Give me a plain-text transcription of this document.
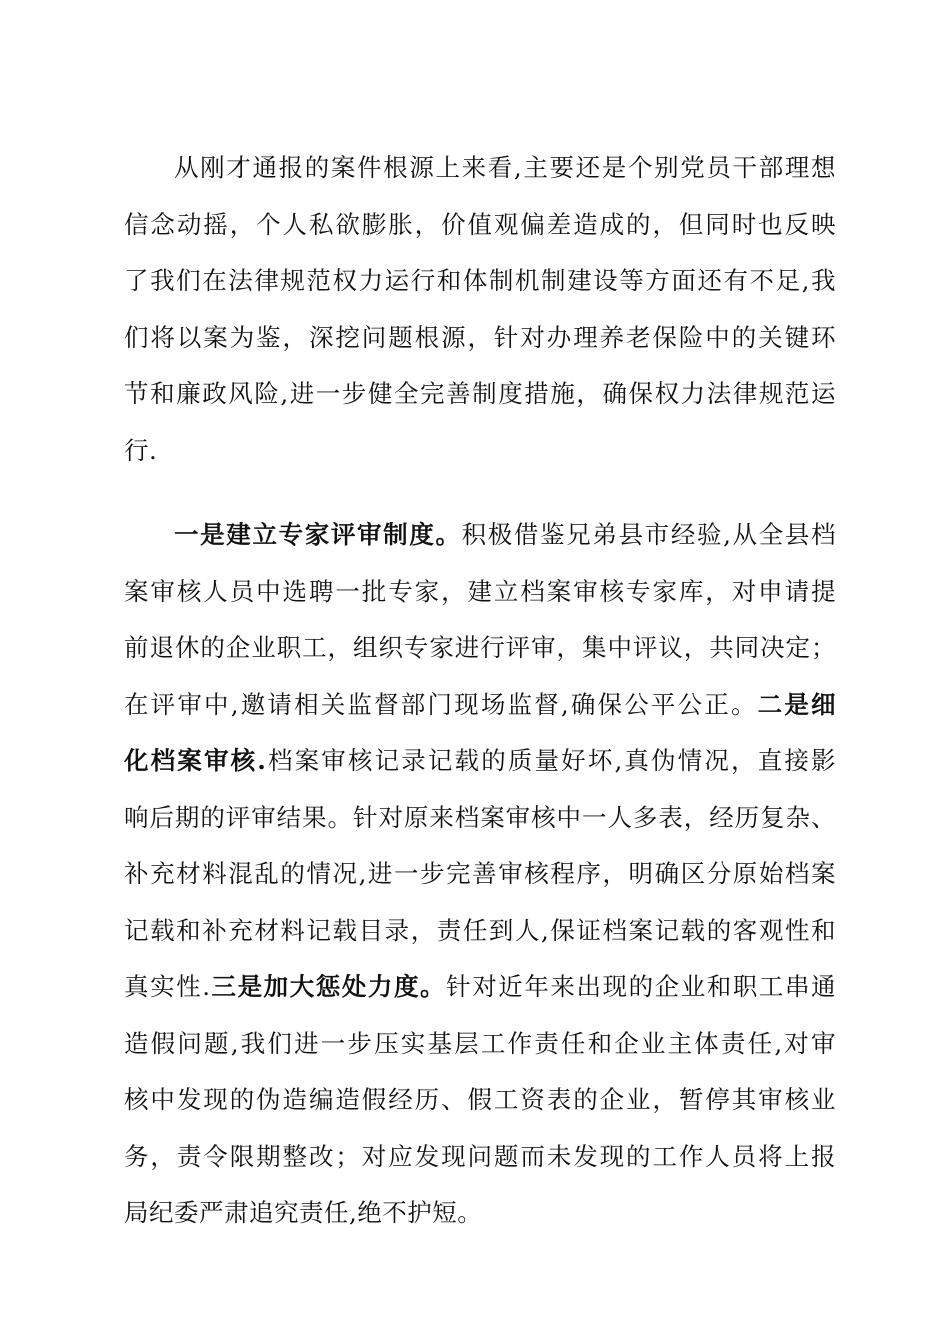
从刚才通报的案件根源上来看,主要还是个别党员干部理想
信念动摇，个人私欲膨胀，价值观偏差造成的，但同时也反映
了我们在法律规范权力运行和体制机制建设等方面还有不足,我
们将以案为鉴，深挖问题根源，针对办理养老保险中的关键环
节和廉政风险,进一步健全完善制度措施，确保权力法律规范运
行.
一是建立专家评审制度。积极借鉴兄弟县市经验,从全县档
案审核人员中选聘一批专家，建立档案审核专家库，对申请提
前退休的企业职工，组织专家进行评审，集中评议，共同决定；
在评审中,邀请相关监督部门现场监督,确保公平公正。二是细
化档案审核.档案审核记录记载的质量好坏,真伪情况，直接影
响后期的评审结果。针对原来档案审核中一人多表，经历复杂、
补充材料混乱的情况,进一步完善审核程序，明确区分原始档案
记载和补充材料记载目录，责任到人,保证档案记载的客观性和
真实性.三是加大惩处力度。针对近年来出现的企业和职工串通
造假问题,我们进一步压实基层工作责任和企业主体责任,对审
核中发现的伪造编造假经历、假工资表的企业，暂停其审核业
务，责令限期整改；对应发现问题而未发现的工作人员将上报
局纪委严肃追究责任,绝不护短。
